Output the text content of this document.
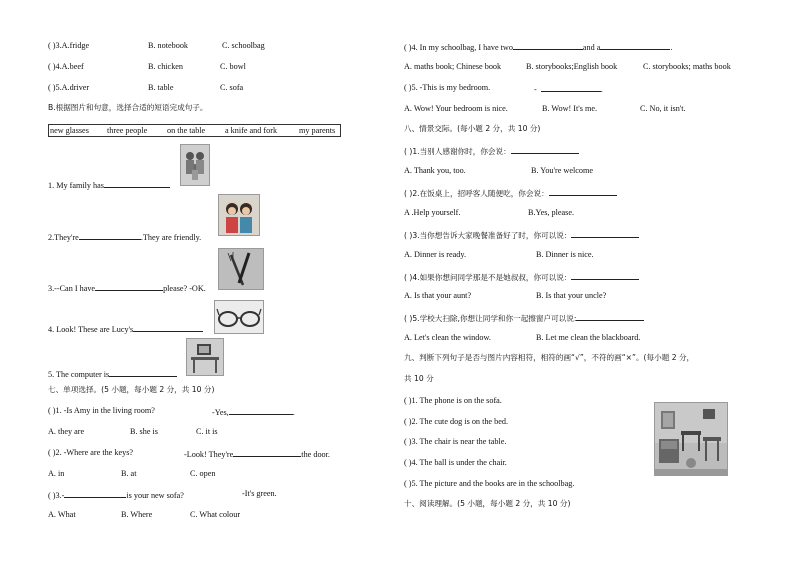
( )3.A.fridge	B. notebook	C. schoolbag
( )4.A.beef	B. chicken	C. bowl
( )5.A.driver	B. table	C. sofa
B.根据图片和句意，选择合适的短语完成句子。
new glasses three people on the table a knife and fork	my parents
1. My family has
2.They're	.They are friendly.
3.--Can I have	please? -OK.
4. Look! These are Lucy's
5. The computer is
七、单项选择。(5 小题，每小题 2 分，共 10 分)
( )1. -Is Amy in the living room?	-Yes,	.
A. they are	B. she is	C. it is
( )2. -Where are the keys?	-Look! They're	the door.
A. in	B. at	C. open
( )3.-	is your new sofa?	-It's green.
A. What	B. Where	C. What colour
( )4. In my schoolbag, I have two	and a	.
A. maths book; Chinese book	B. storybooks;English book	C. storybooks; maths book
( )5. -This is my bedroom.	-	.
A. Wow! Your bedroom is nice.	B. Wow! It's me.	C. No, it isn't.
八、情景交际。(每小题 2 分，共 10 分)
( )1.当别人感谢你时，你会说：
A. Thank you, too.	B. You're welcome
( )2.在饭桌上，招呼客人随便吃，你会说：
A .Help yourself.	B.Yes, please.
( )3.当你想告诉大家晚餐准备好了时，你可以说：
A. Dinner is ready.	B. Dinner is nice.
( )4.如果你想问同学那是不是她叔叔，你可以说：
A. Is that your aunt?	B. Is that your uncle?
( )5.学校大扫除,你想让同学和你一起擦窗户可以说:
A. Let's clean the window.	B. Let me clean the blackboard.
九、判断下列句子是否与图片内容相符，相符的画“√”，不符的画“×”。(每小题 2 分，
共 10 分
( )1. The phone is on the sofa.
( )2. The cute dog is on the bed.
( )3. The chair is near the table.
( )4. The ball is under the chair.
( )5. The picture and the books are in the schoolbag.
十、阅读理解。(5 小题，每小题 2 分，共 10 分)
